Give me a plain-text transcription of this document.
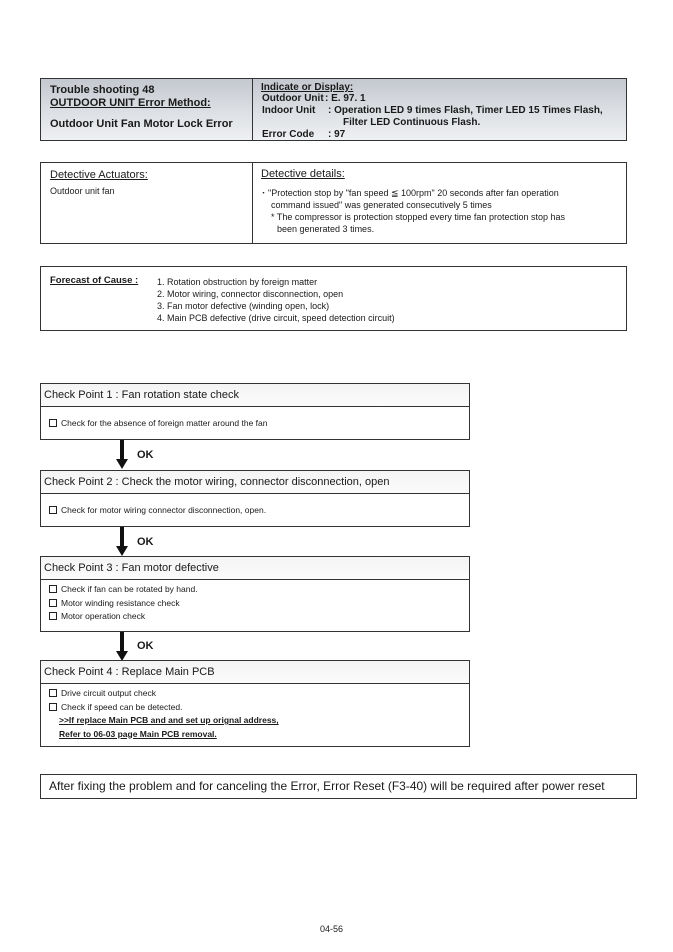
Trouble shooting 48
OUTDOOR UNIT Error Method:
Outdoor Unit Fan Motor Lock Error
Indicate or Display:
Outdoor Unit : E. 97. 1
Indoor Unit : Operation LED 9 times Flash, Timer LED 15 Times Flash,
Filter LED Continuous Flash.
Error Code : 97
Detective Actuators:
Outdoor unit fan
Detective details:
・"Protection stop by "fan speed ≦ 100rpm" 20 seconds after fan operation
command issued" was generated consecutively 5 times
* The compressor is protection stopped every time fan protection stop has
been generated 3 times.
Forecast of Cause : 1. Rotation obstruction by foreign matter
2. Motor wiring, connector disconnection, open
3. Fan motor defective (winding open, lock)
4. Main PCB defective (drive circuit, speed detection circuit)
Check Point 1 : Fan rotation state check
Check for the absence of foreign matter around the fan
OK
Check Point 2 : Check the motor wiring, connector disconnection, open
Check for motor wiring connector disconnection, open.
OK
Check Point 3 : Fan motor defective
Check if fan can be rotated by hand.
Motor winding resistance check
Motor operation check
OK
Check Point 4 : Replace Main PCB
Drive circuit output check
Check if speed can be detected.
>>If replace Main PCB and and set up orignal address,
Refer to 06-03 page Main PCB removal.
After fixing the problem and for canceling the Error, Error Reset (F3-40) will be required after power reset
04-56
